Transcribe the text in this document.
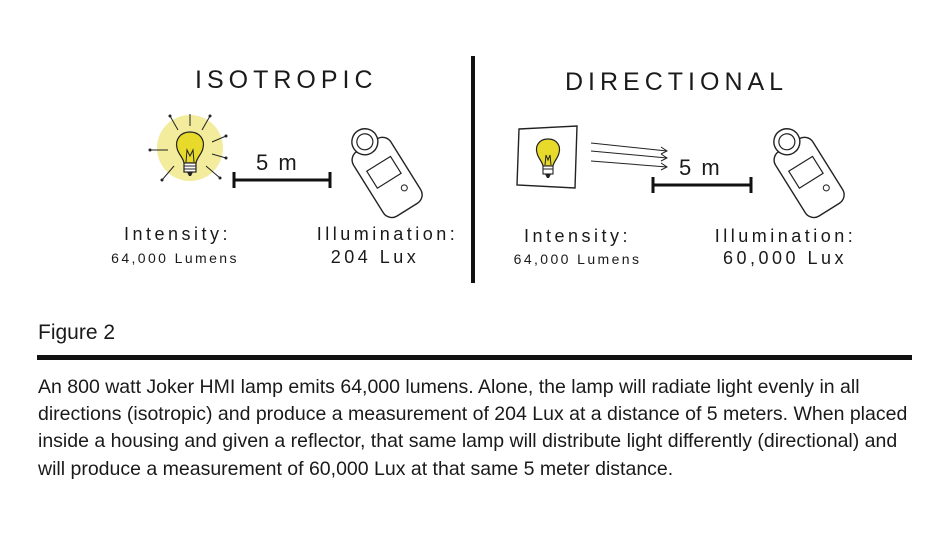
ISOTROPIC
5 m
Intensity:
64,000 Lumens
Illumination:
204 Lux
DIRECTIONAL
5 m
Intensity:
64,000 Lumens
Illumination:
60,000 Lux
Figure 2
An 800 watt Joker HMI lamp emits 64,000 lumens. Alone, the lamp will radiate light evenly in all directions (isotropic) and produce a measurement of 204 Lux at a distance of 5 meters. When placed inside a housing and given a reflector, that same lamp will distribute light differently (directional) and will produce a measurement of 60,000 Lux at that same 5 meter distance.
